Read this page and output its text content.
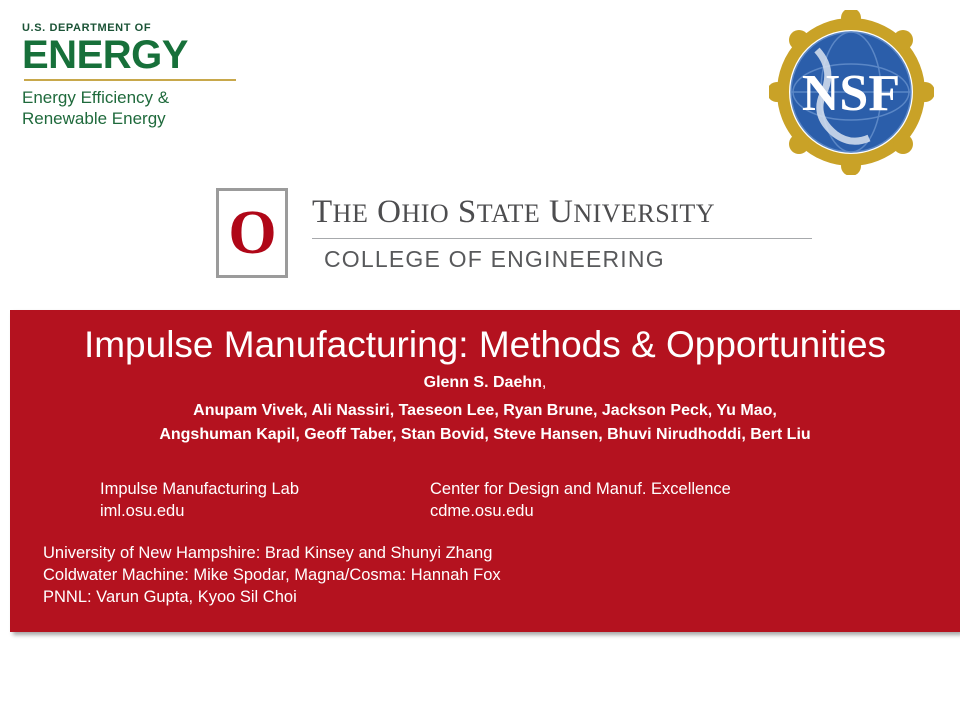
U.S. DEPARTMENT OF
ENERGY
Energy Efficiency &
Renewable Energy	NSF
O THE OHIO STATE UNIVERSITY
COLLEGE OF ENGINEERING
Impulse Manufacturing: Methods & Opportunities
Glenn S. Daehn,
Anupam Vivek, Ali Nassiri, Taeseon Lee, Ryan Brune, Jackson Peck, Yu Mao,
Angshuman Kapil, Geoff Taber, Stan Bovid, Steve Hansen, Bhuvi Nirudhoddi, Bert Liu
Impulse Manufacturing Lab	Center for Design and Manuf. Excellence
iml.osu.edu	cdme.osu.edu
University of New Hampshire: Brad Kinsey and Shunyi Zhang
Coldwater Machine: Mike Spodar, Magna/Cosma: Hannah Fox
PNNL: Varun Gupta, Kyoo Sil Choi
